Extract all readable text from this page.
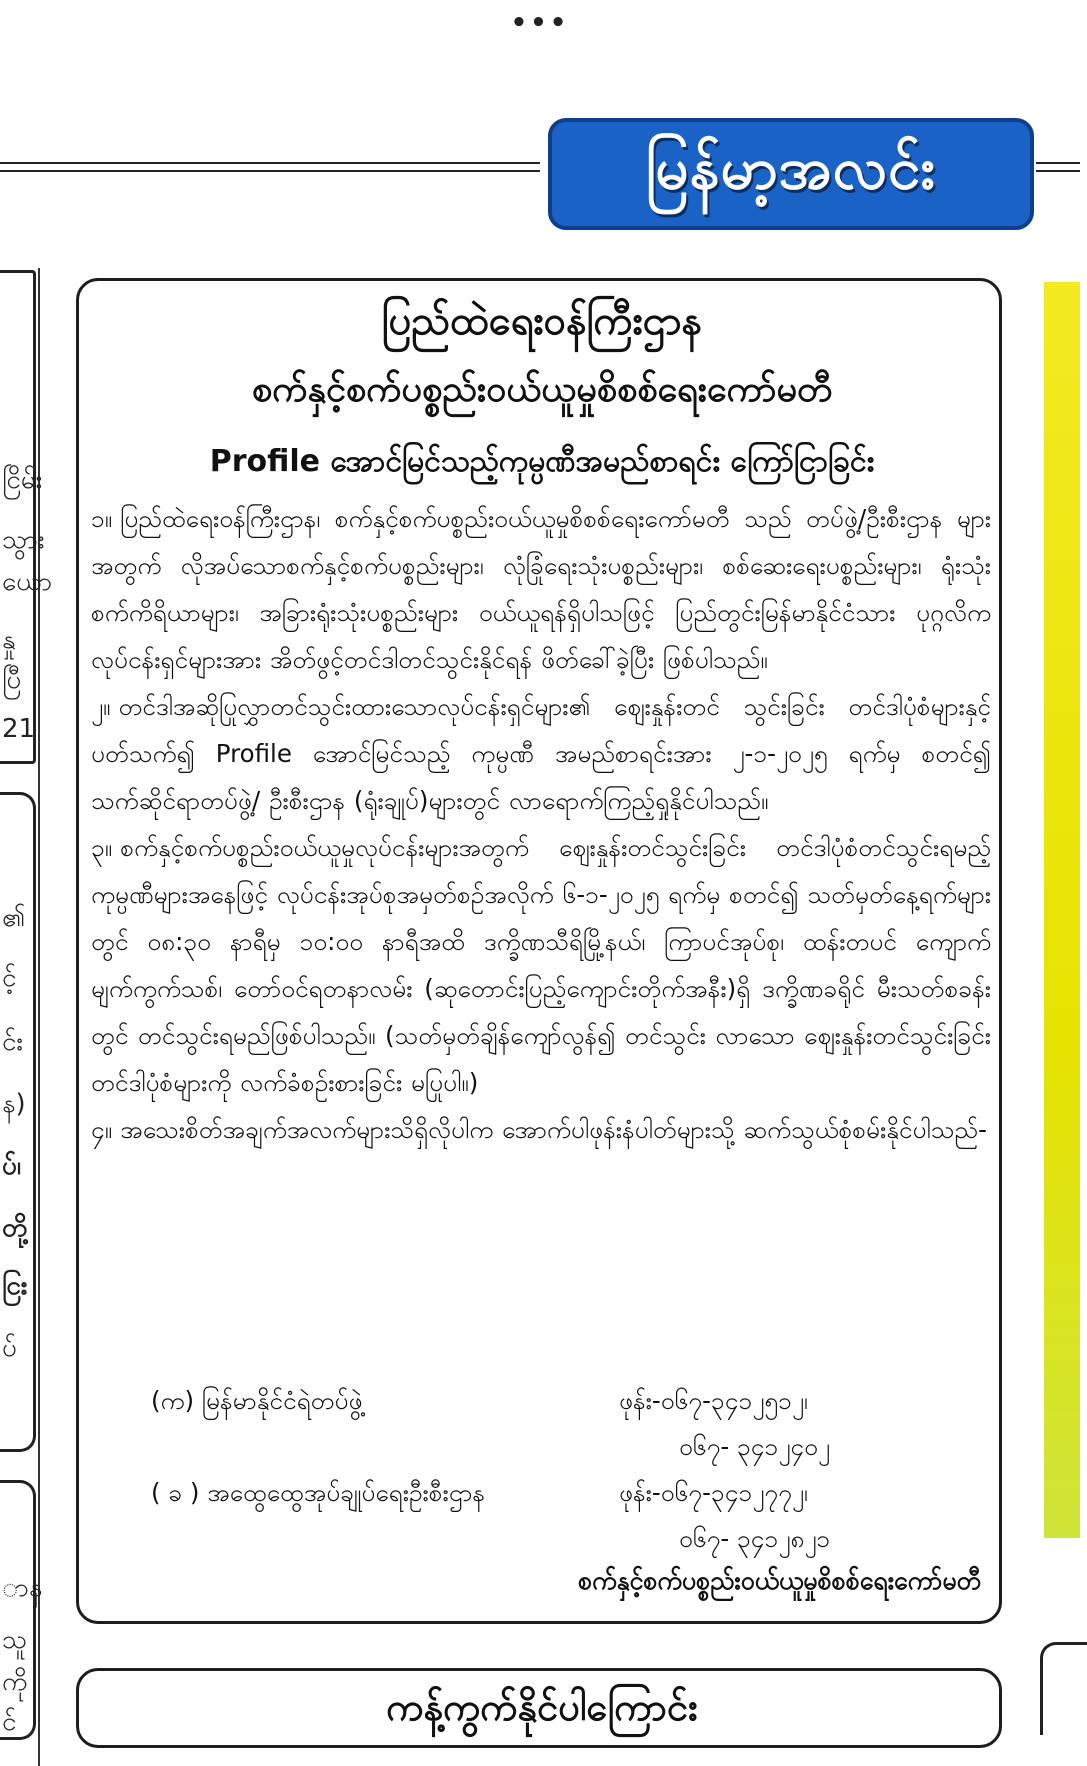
•••
မြန်မာ့အလင်း
ငြိမ်း
သွား
ယော
နှု
ပြီ
21
၏
င့်
င်း
န)
ပ်၊
တို့
ငြး
ပ်
ာန
သူ
ကို
င်
ပြည်ထဲရေးဝန်ကြီးဌာန
စက်နှင့်စက်ပစ္စည်းဝယ်ယူမှုစိစစ်ရေးကော်မတီ
Profile အောင်မြင်သည့်ကုမ္ပဏီအမည်စာရင်း ကြော်ငြာခြင်း
၁။ ပြည်ထဲရေးဝန်ကြီးဌာန၊ စက်နှင့်စက်ပစ္စည်းဝယ်ယူမှုစိစစ်ရေးကော်မတီ သည် တပ်ဖွဲ့/ဦးစီးဌာန များအတွက် လိုအပ်သောစက်နှင့်စက်ပစ္စည်းများ၊ လုံခြုံရေးသုံးပစ္စည်းများ၊ စစ်ဆေးရေးပစ္စည်းများ၊ ရုံးသုံးစက်ကိရိယာများ၊ အခြားရုံးသုံးပစ္စည်းများ ဝယ်ယူရန်ရှိပါသဖြင့် ပြည်တွင်းမြန်မာနိုင်ငံသား ပုဂ္ဂလိကလုပ်ငန်းရှင်များအား အိတ်ဖွင့်တင်ဒါတင်သွင်းနိုင်ရန် ဖိတ်ခေါ်ခဲ့ပြီး ဖြစ်ပါသည်။
၂။ တင်ဒါအဆိုပြုလွှာတင်သွင်းထားသောလုပ်ငန်းရှင်များ၏ ဈေးနှုန်းတင် သွင်းခြင်း တင်ဒါပုံစံများနှင့်ပတ်သက်၍ Profile အောင်မြင်သည့် ကုမ္ပဏီ အမည်စာရင်းအား ၂-၁-၂၀၂၅ ရက်မှ စတင်၍ သက်ဆိုင်ရာတပ်ဖွဲ့/ ဦးစီးဌာန (ရုံးချုပ်)များတွင် လာရောက်ကြည့်ရှုနိုင်ပါသည်။
၃။ စက်နှင့်စက်ပစ္စည်းဝယ်ယူမှုလုပ်ငန်းများအတွက် ဈေးနှုန်းတင်သွင်းခြင်း တင်ဒါပုံစံတင်သွင်းရမည့်ကုမ္ပဏီများအနေဖြင့် လုပ်ငန်းအုပ်စုအမှတ်စဉ်အလိုက် ၆-၁-၂၀၂၅ ရက်မှ စတင်၍ သတ်မှတ်နေ့ရက်များတွင် ၀၈:၃၀ နာရီမှ ၁၀:၀၀ နာရီအထိ ဒက္ခိဏသီရိမြို့နယ်၊ ကြာပင်အုပ်စု၊ ထန်းတပင် ကျောက်မျက်ကွက်သစ်၊ တော်ဝင်ရတနာလမ်း (ဆုတောင်းပြည့်ကျောင်းတိုက်အနီး)ရှိ ဒက္ခိဏခရိုင် မီးသတ်စခန်းတွင် တင်သွင်းရမည်ဖြစ်ပါသည်။ (သတ်မှတ်ချိန်ကျော်လွန်၍ တင်သွင်း လာသော ဈေးနှုန်းတင်သွင်းခြင်း တင်ဒါပုံစံများကို လက်ခံစဉ်းစားခြင်း မပြုပါ။)
၄။ အသေးစိတ်အချက်အလက်များသိရှိလိုပါက အောက်ပါဖုန်းနံပါတ်များသို့ ဆက်သွယ်စုံစမ်းနိုင်ပါသည်-
(က) မြန်မာနိုင်ငံရဲတပ်ဖွဲ့	ဖုန်း-၀၆၇-၃၄၁၂၅၁၂၊
၀၆၇- ၃၄၁၂၄၀၂
( ခ ) အထွေထွေအုပ်ချုပ်ရေးဦးစီးဌာန	ဖုန်း-၀၆၇-၃၄၁၂၇၇၂၊
၀၆၇- ၃၄၁၂၈၂၁
စက်နှင့်စက်ပစ္စည်းဝယ်ယူမှုစိစစ်ရေးကော်မတီ
ကန့်ကွက်နိုင်ပါကြောင်း
